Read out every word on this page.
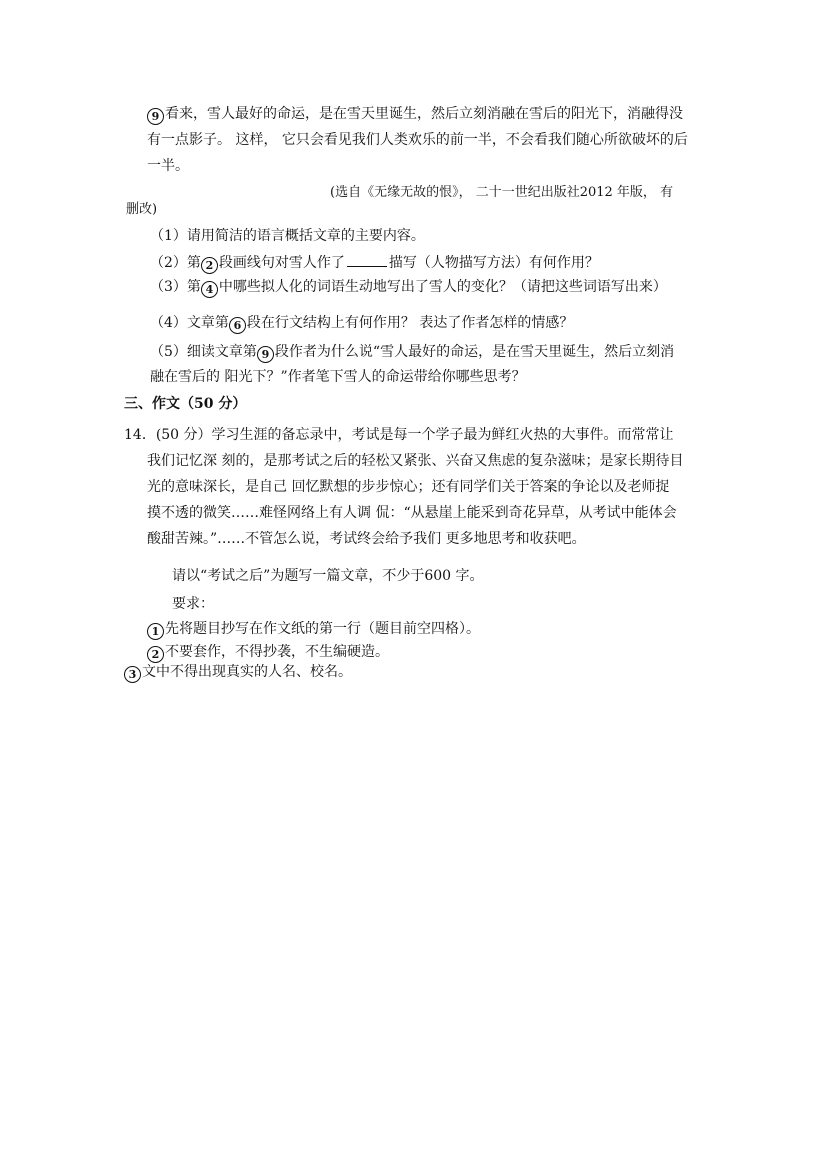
9 看来，雪人最好的命运，是在雪天里诞生，然后立刻消融在雪后的阳光下，消融得没
有一点影子。 这样， 它只会看见我们人类欢乐的前一半，不会看我们随心所欲破坏的后
一半。
(选自《无缘无故的恨》， 二十一世纪出版社2012 年版， 有
删改)
（1）请用简洁的语言概括文章的主要内容。
（2）第 2 段画线句对雪人作了	描写（人物描写方法）有何作用？
（3）第 4 中哪些拟人化的词语生动地写出了雪人的变化？（请把这些词语写出来）
（4）文章第 6 段在行文结构上有何作用？ 表达了作者怎样的情感？
（5）细读文章第 9 段作者为什么说“雪人最好的命运，是在雪天里诞生，然后立刻消
融在雪后的 阳光下？”作者笔下雪人的命运带给你哪些思考？
三、作文（50 分）
14．(50 分）学习生涯的备忘录中，考试是每一个学子最为鲜红火热的大事件。而常常让
我们记忆深 刻的，是那考试之后的轻松又紧张、兴奋又焦虑的复杂滋味；是家长期待目
光的意味深长，是自己 回忆默想的步步惊心；还有同学们关于答案的争论以及老师捉
摸不透的微笑……难怪网络上有人调 侃：“从悬崖上能采到奇花异草，从考试中能体会
酸甜苦辣。”……不管怎么说，考试终会给予我们 更多地思考和收获吧。
请以“考试之后”为题写一篇文章，不少于600 字。
要求：
1 先将题目抄写在作文纸的第一行（题目前空四格）。
2 不要套作，不得抄袭，不生编硬造。
3 文中不得出现真实的人名、校名。
